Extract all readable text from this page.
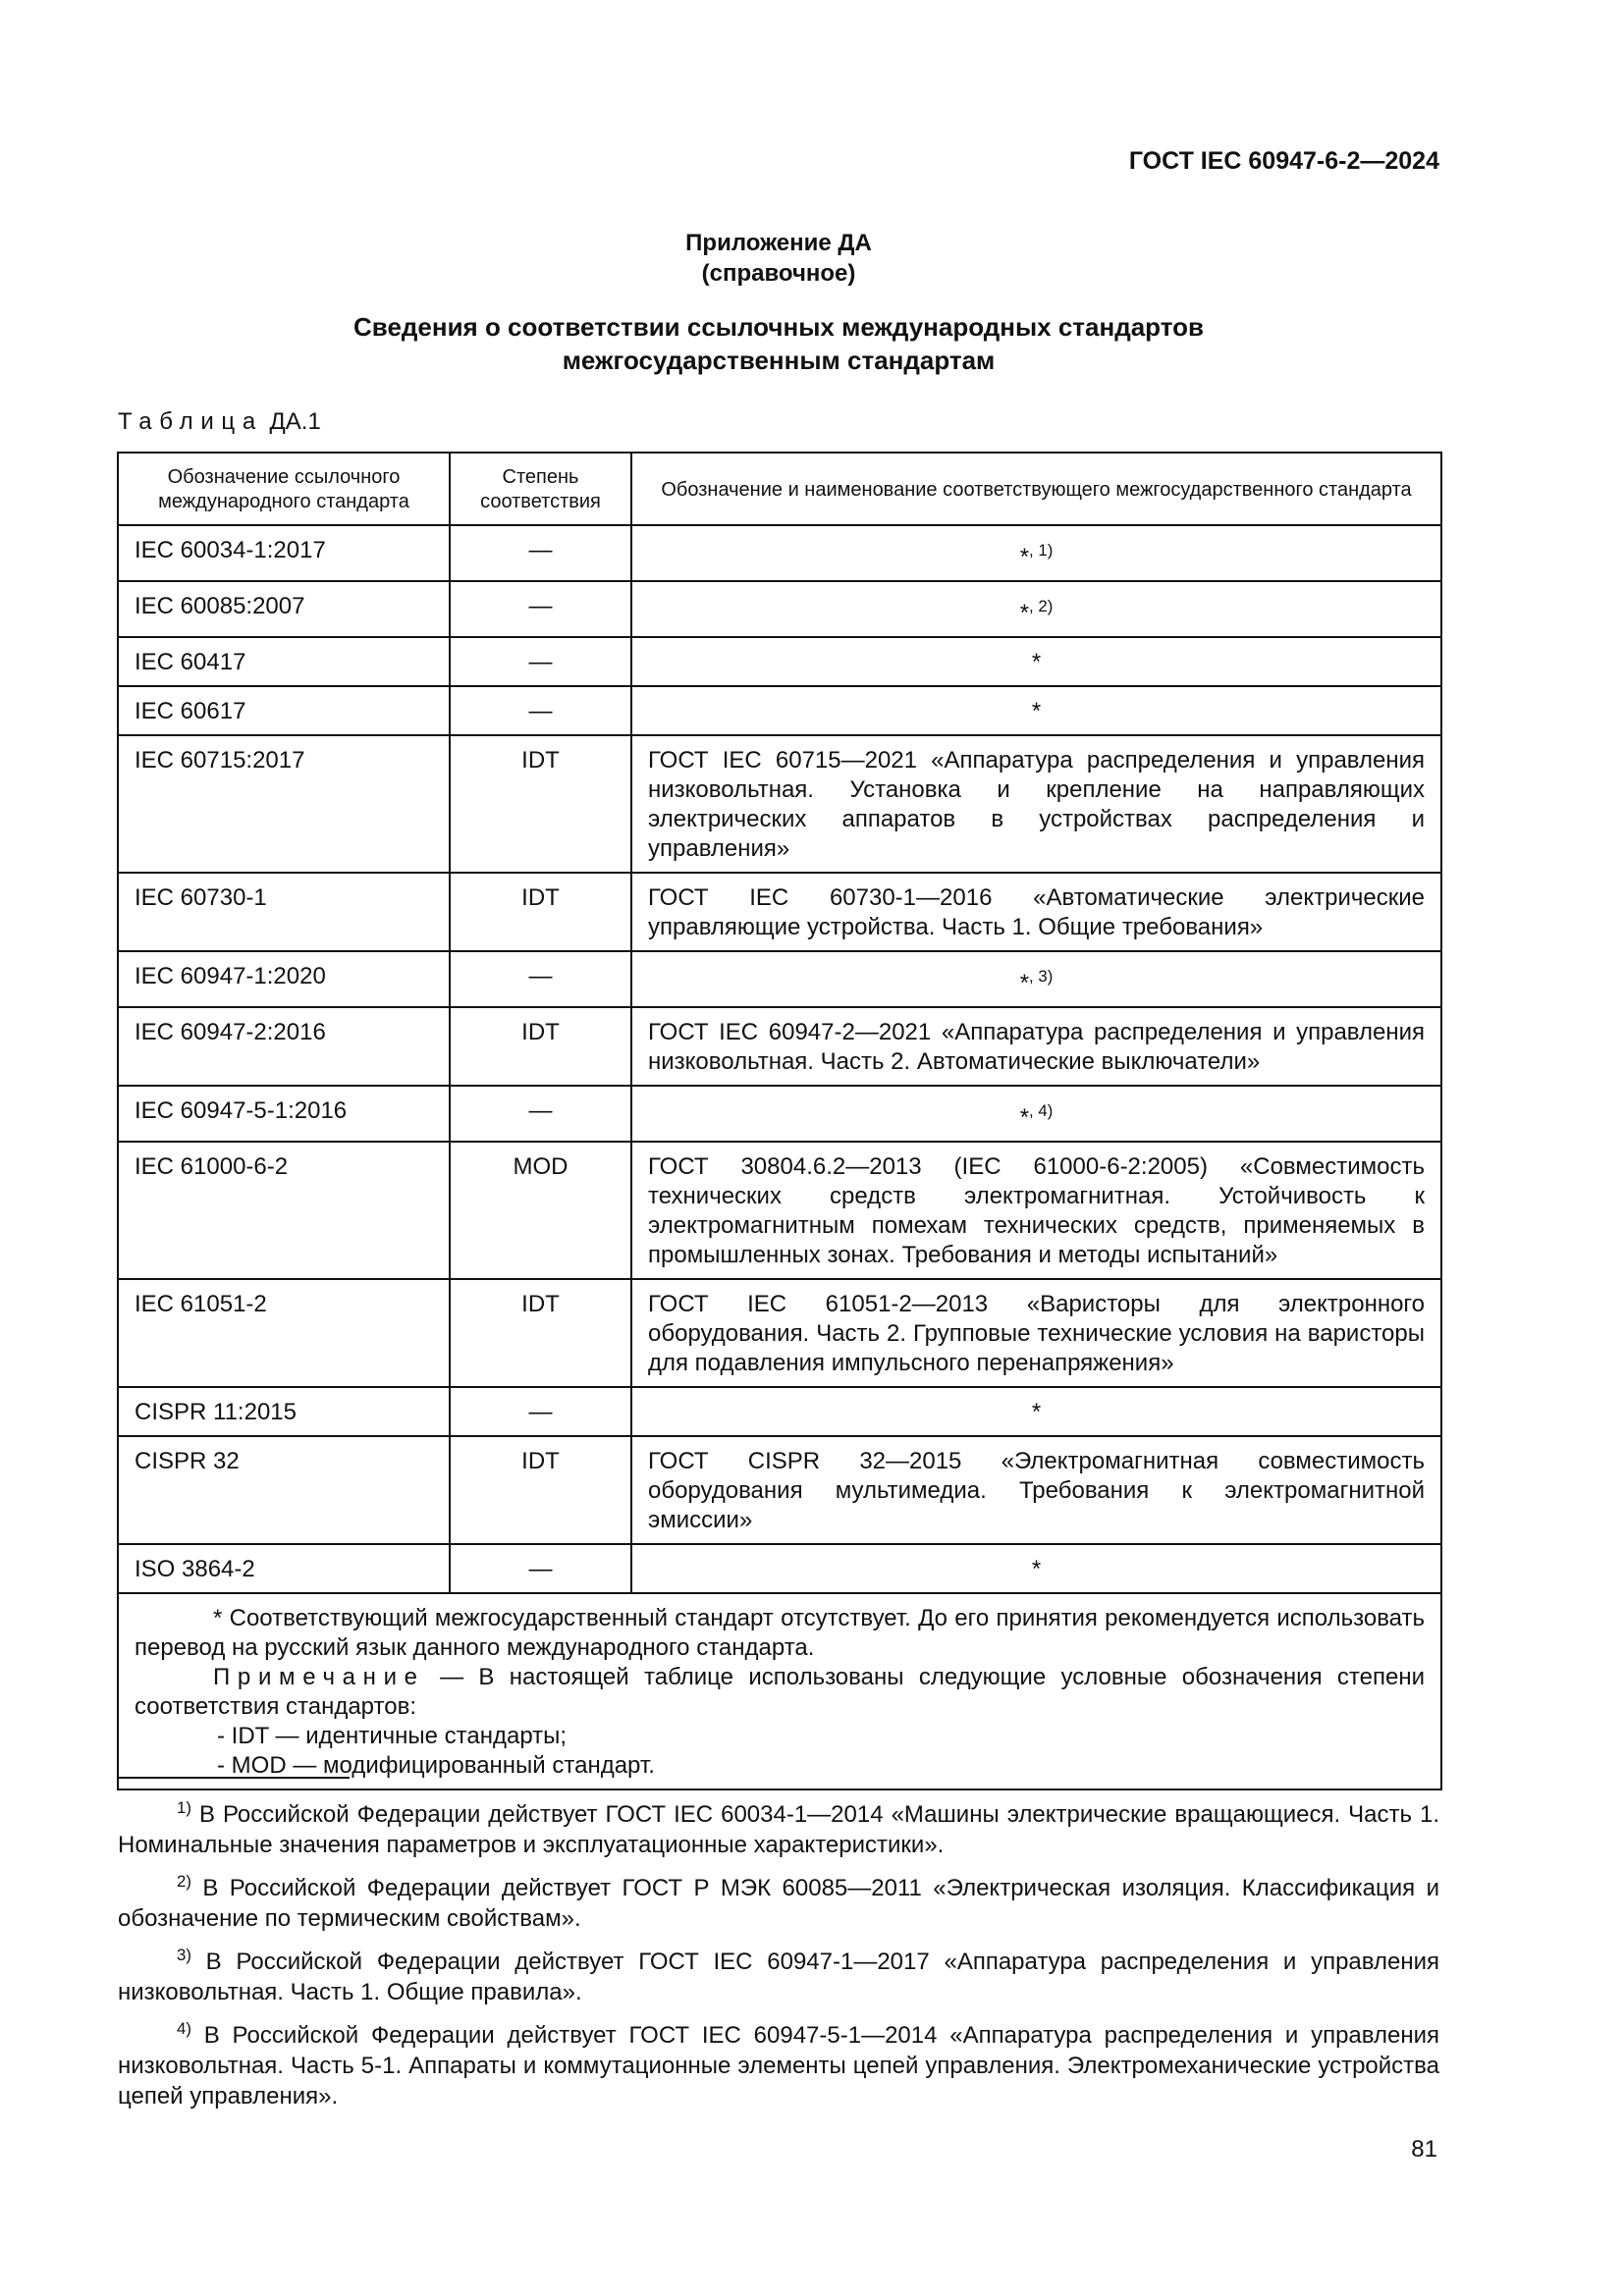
ГОСТ IEC 60947-6-2—2024
Приложение ДА
(справочное)
Сведения о соответствии ссылочных международных стандартов
межгосударственным стандартам
Таблица ДА.1
Обозначение ссылочного международного стандарта	Степень соответствия	Обозначение и наименование соответствующего межгосударственного стандарта
IEC 60034-1:2017	—	*$^{, 1)}$
IEC 60085:2007	—	*$^{, 2)}$
IEC 60417	—	*
IEC 60617	—	*
IEC 60715:2017	IDT	ГОСТ IEC 60715—2021 «Аппаратура распределения и управления низковольтная. Установка и крепление на направляющих электрических аппаратов в устройствах распределения и управления»
IEC 60730-1	IDT	ГОСТ IEC 60730-1—2016 «Автоматические электрические управляющие устройства. Часть 1. Общие требования»
IEC 60947-1:2020	—	*$^{, 3)}$
IEC 60947-2:2016	IDT	ГОСТ IEC 60947-2—2021 «Аппаратура распределения и управления низковольтная. Часть 2. Автоматические выключатели»
IEC 60947-5-1:2016	—	*$^{, 4)}$
IEC 61000-6-2	MOD	ГОСТ 30804.6.2—2013 (IEC 61000-6-2:2005) «Совместимость технических средств электромагнитная. Устойчивость к электромагнитным помехам технических средств, применяемых в промышленных зонах. Требования и методы испытаний»
IEC 61051-2	IDT	ГОСТ IEC 61051-2—2013 «Варисторы для электронного оборудования. Часть 2. Групповые технические условия на варисторы для подавления импульсного перенапряжения»
CISPR 11:2015	—	*
CISPR 32	IDT	ГОСТ CISPR 32—2015 «Электромагнитная совместимость оборудования мультимедиа. Требования к электромагнитной эмиссии»
ISO 3864-2	—	*

* Соответствующий межгосударственный стандарт отсутствует. До его принятия рекомендуется использовать перевод на русский язык данного международного стандарта.

Примечание — В настоящей таблице использованы следующие условные обозначения степени соответствия стандартов:

- IDT — идентичные стандарты;

- MOD — модифицированный стандарт.		

$^{1)}$ В Российской Федерации действует ГОСТ IEC 60034-1—2014 «Машины электрические вращающиеся. Часть 1. Номинальные значения параметров и эксплуатационные характеристики».

$^{2)}$ В Российской Федерации действует ГОСТ Р МЭК 60085—2011 «Электрическая изоляция. Классификация и обозначение по термическим свойствам».

$^{3)}$ В Российской Федерации действует ГОСТ IEC 60947-1—2017 «Аппаратура распределения и управления низковольтная. Часть 1. Общие правила».

$^{4)}$ В Российской Федерации действует ГОСТ IEC 60947-5-1—2014 «Аппаратура распределения и управления низковольтная. Часть 5-1. Аппараты и коммутационные элементы цепей управления. Электромеханические устройства цепей управления».

81
